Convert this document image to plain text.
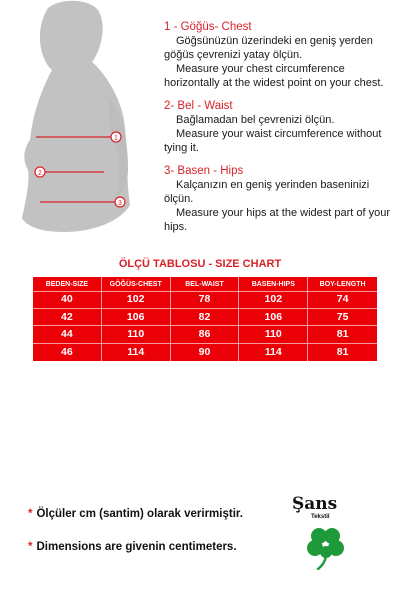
1
2
3
1 - Göğüs- Chest
Göğsünüzün üzerindeki en geniş yerden göğüs çevrenizi yatay ölçün.
Measure your chest circumference horizontally at the widest point on your chest.
2- Bel - Waist
Bağlamadan bel çevrenizi ölçün.
Measure your waist circumference without tying it.
3- Basen - Hips
Kalçanızın en geniş yerinden baseninizi ölçün.
Measure your hips at the widest part of your hips.
ÖLÇÜ TABLOSU - SIZE CHART
BEDEN-SIZE	GÖĞÜS-CHEST	BEL-WAIST	BASEN-HIPS	BOY-LENGTH
40	102	78	102	74
42	106	82	106	75
44	110	86	110	81
46	114	90	114	81
* Ölçüler cm (santim) olarak verirmiştir.
* Dimensions are givenin centimeters.
Şans
Tekstil
